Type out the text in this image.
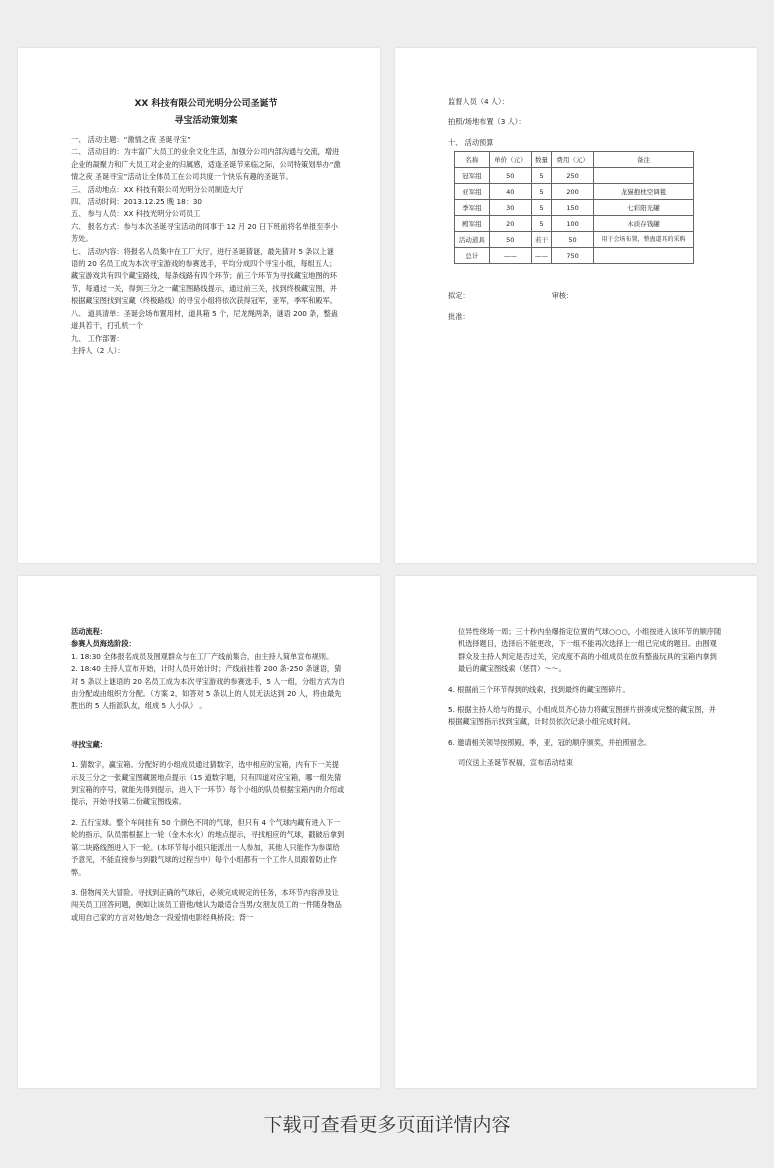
XX 科技有限公司光明分公司圣诞节
寻宝活动策划案

一、 活动主题：“激情之夜 圣诞寻宝”

二、 活动目的：为丰富广大员工的业余文化生活，加强分公司内部沟通与交流，增进企业的凝聚力和广大员工对企业的归属感，适逢圣诞节来临之际，公司特策划举办“激情之夜 圣诞寻宝”活动让全体员工在公司共度一个快乐有趣的圣诞节。

三、 活动地点：XX 科技有限公司光明分公司制造大厅

四、 活动时间：2013.12.25 晚 18：30

五、 参与人员：XX 科技光明分公司员工

六、 报名方式：参与本次圣诞寻宝活动的同事于 12 月 20 日下班前将名单报至李小芳处。

七、 活动内容：将报名人员集中在工厂大厅，进行圣诞猜谜，最先猜对 5 条以上谜语的 20 名员工成为本次寻宝游戏的参赛选手，平均分成四个寻宝小组，每组五人；藏宝游戏共有四个藏宝路线，每条线路有四个环节；前三个环节为寻找藏宝地图的环节，每通过一关，得到三分之一藏宝图路线提示，通过前三关，找到终极藏宝图，并根据藏宝图找到宝藏（终极路线）的寻宝小组将依次获得冠军，亚军，季军和殿军。

八、 道具清单：圣诞会场布置用材，道具箱 5 个，尼龙绳两条，谜语 200 条，整蛊道具若干，打孔机一个

九、 工作部署：

主持人（2 人）：

监督人员（4 人）：

拍照/场地布置（3 人）：

十、 活动预算

名称	单价（元）	数量	费用（元）	备注
冠军组	50	5	250	
亚军组	40	5	200	龙猫抱枕空调毯
季军组	30	5	150	七彩阳光罐
殿军组	20	5	100	木质存钱罐
活动道具	50	若干	50	用于会场布置，整蛊道具的采购
总计	——	——	750	
拟定：	审核：

批准：

活动流程：

参赛人员海选阶段：

1. 18:30 全体报名成员及围观群众与在工厂产线前集合，由主持人简单宣布规则。

2. 18:40 主持人宣布开始，计时人员开始计时；产线前挂着 200 条-250 条谜语，猜对 5 条以上谜语的 20 名员工成为本次寻宝游戏的参赛选手，5 人一组，分组方式为自由分配或由组织方分配。（方案 2，如答对 5 条以上的人员无法达到 20 人，将由最先胜出的 5 人指派队友，组成 5 人小队） 。

寻找宝藏：

1. 猜数字，赢宝箱。分配好的小组成员通过猜数字，选中相应的宝箱，内有下一关提示及三分之一张藏宝图藏匿地点提示（15 道数字题，只有四道对应宝箱，哪一组先猜到宝箱的序号，就能先得到提示，进入下一环节）每个小组的队员根据宝箱内的介绍或提示，开始寻找第二份藏宝图线索。

2. 五行宝球。整个车间挂有 50 个颜色不同的气球，但只有 4 个气球内藏有进入下一轮的指示，队员需根据上一轮（金木水火）的地点提示，寻找相应的气球，戳破后拿到第二块路线图进入下一轮。(本环节每小组只能派出一人参加，其他人只能作为参谋给予意见，不能直接参与到戳气球的过程当中）每个小组都有一个工作人员跟着防止作弊。

3. 借物闯关大冒险。寻找到正确的气球后，必须完成规定的任务，本环节内容涉及让闯关员工回答问题，例如让该员工借他/她认为最适合当男/女朋友员工的一件随身物品或用自己家的方言对他/她念一段爱情电影经典桥段；背一

位异性绕场一周；三十秒内坐爆指定位置的气球○○○，小组按进入该环节的顺序随机选择题目，选择后不能更改，下一组不能再次选择上一组已完成的题目。由围观群众及主持人判定是否过关，完成度不高的小组成员在放有整蛊玩具的宝箱内拿到最后的藏宝图线索（惩罚）～～。

4. 根据前三个环节得到的线索，找到最终的藏宝图碎片。

5. 根据主持人给与的提示，小组成员齐心协力将藏宝图拼片拼凑成完整的藏宝图，并根据藏宝图指示找到宝藏，计时员依次记录小组完成时间。

6. 邀请相关领导按照殿，季，亚，冠的顺序颁奖，并拍照留念。

司仪送上圣诞节祝福，宣布活动结束

下载可查看更多页面详情内容
